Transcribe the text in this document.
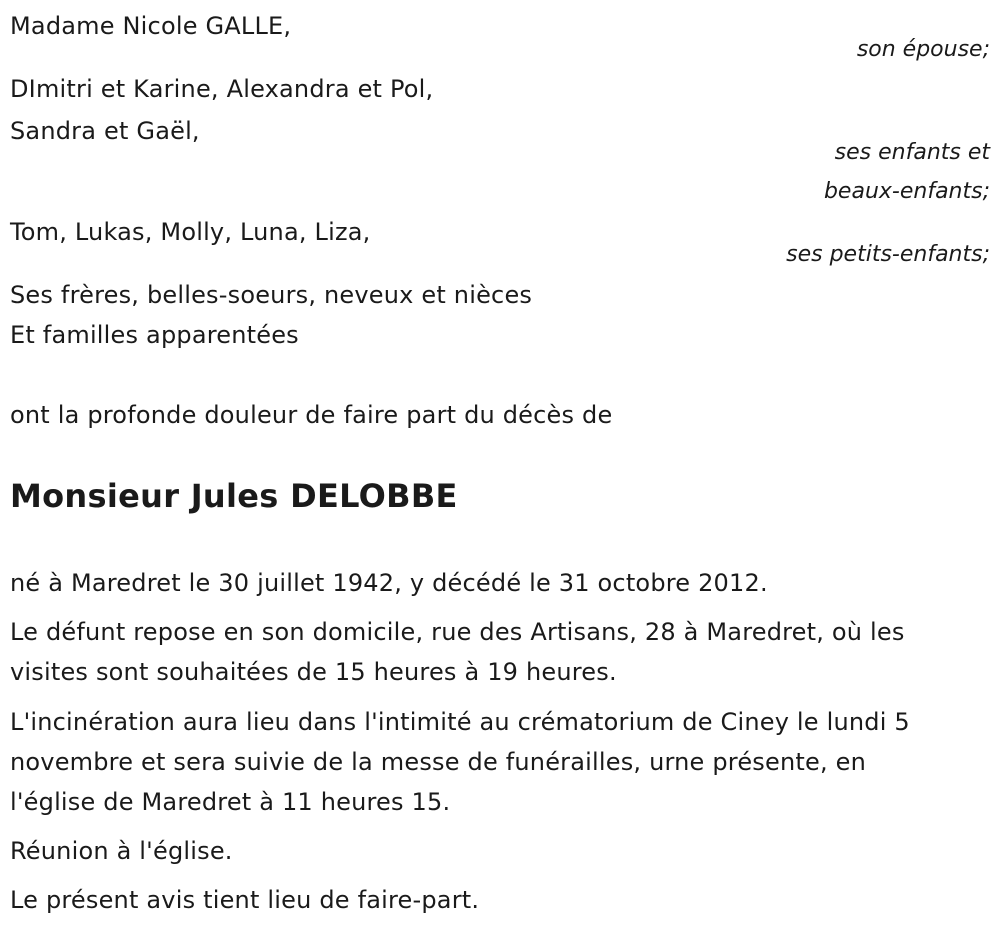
Madame Nicole GALLE,
son épouse;
DImitri et Karine, Alexandra et Pol,
Sandra et Gaël,
ses enfants et
beaux-enfants;
Tom, Lukas, Molly, Luna, Liza,
ses petits-enfants;
Ses frères, belles-soeurs, neveux et nièces
Et familles apparentées
ont la profonde douleur de faire part du décès de
Monsieur Jules DELOBBE
né à Maredret le 30 juillet 1942, y décédé le 31 octobre 2012.
Le défunt repose en son domicile, rue des Artisans, 28 à Maredret, où les
visites sont souhaitées de 15 heures à 19 heures.
L'incinération aura lieu dans l'intimité au crématorium de Ciney le lundi 5
novembre et sera suivie de la messe de funérailles, urne présente, en
l'église de Maredret à 11 heures 15.
Réunion à l'église.
Le présent avis tient lieu de faire-part.
